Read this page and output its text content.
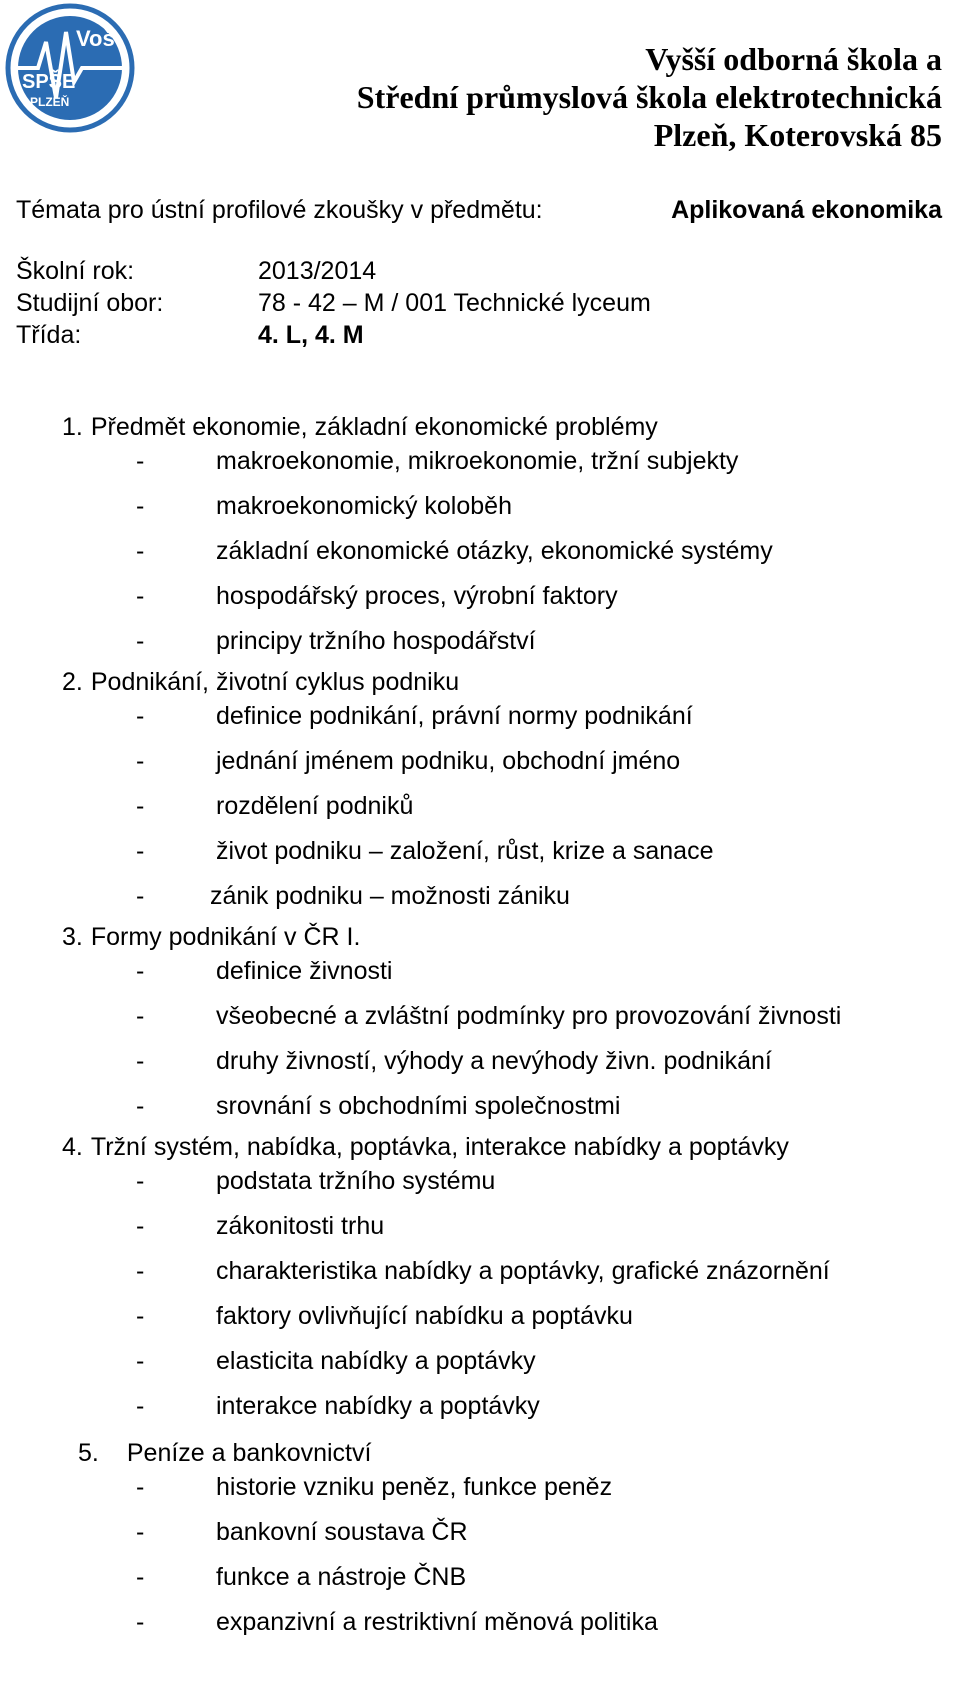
Voš
SPŠE
PLZEŇ
Vyšší odborná škola a
Střední průmyslová škola elektrotechnická
Plzeň, Koterovská 85
Témata pro ústní profilové zkoušky v předmětu:	Aplikovaná ekonomika
Školní rok:	2013/2014
Studijní obor:	78 - 42 – M / 001 Technické lyceum
Třída:	4. L, 4. M
1. Předmět ekonomie, základní ekonomické problémy
-	makroekonomie, mikroekonomie, tržní subjekty
-	makroekonomický koloběh
-	základní ekonomické otázky, ekonomické systémy
-	hospodářský proces, výrobní faktory
-	principy tržního hospodářství
2. Podnikání, životní cyklus podniku
-	definice podnikání, právní normy podnikání
-	jednání jménem podniku, obchodní jméno
-	rozdělení podniků
-	život podniku – založení, růst, krize a sanace
-	zánik podniku – možnosti zániku
3. Formy podnikání v ČR I.
-	definice živnosti
-	všeobecné a zvláštní podmínky pro provozování živnosti
-	druhy živností, výhody a nevýhody živn. podnikání
-	srovnání s obchodními společnostmi
4. Tržní systém, nabídka, poptávka, interakce nabídky a poptávky
-	podstata tržního systému
-	zákonitosti trhu
-	charakteristika nabídky a poptávky, grafické znázornění
-	faktory ovlivňující nabídku a poptávku
-	elasticita nabídky a poptávky
-	interakce nabídky a poptávky
5. Peníze a bankovnictví
-	historie vzniku peněz, funkce peněz
-	bankovní soustava ČR
-	funkce a nástroje ČNB
-	expanzivní a restriktivní měnová politika
